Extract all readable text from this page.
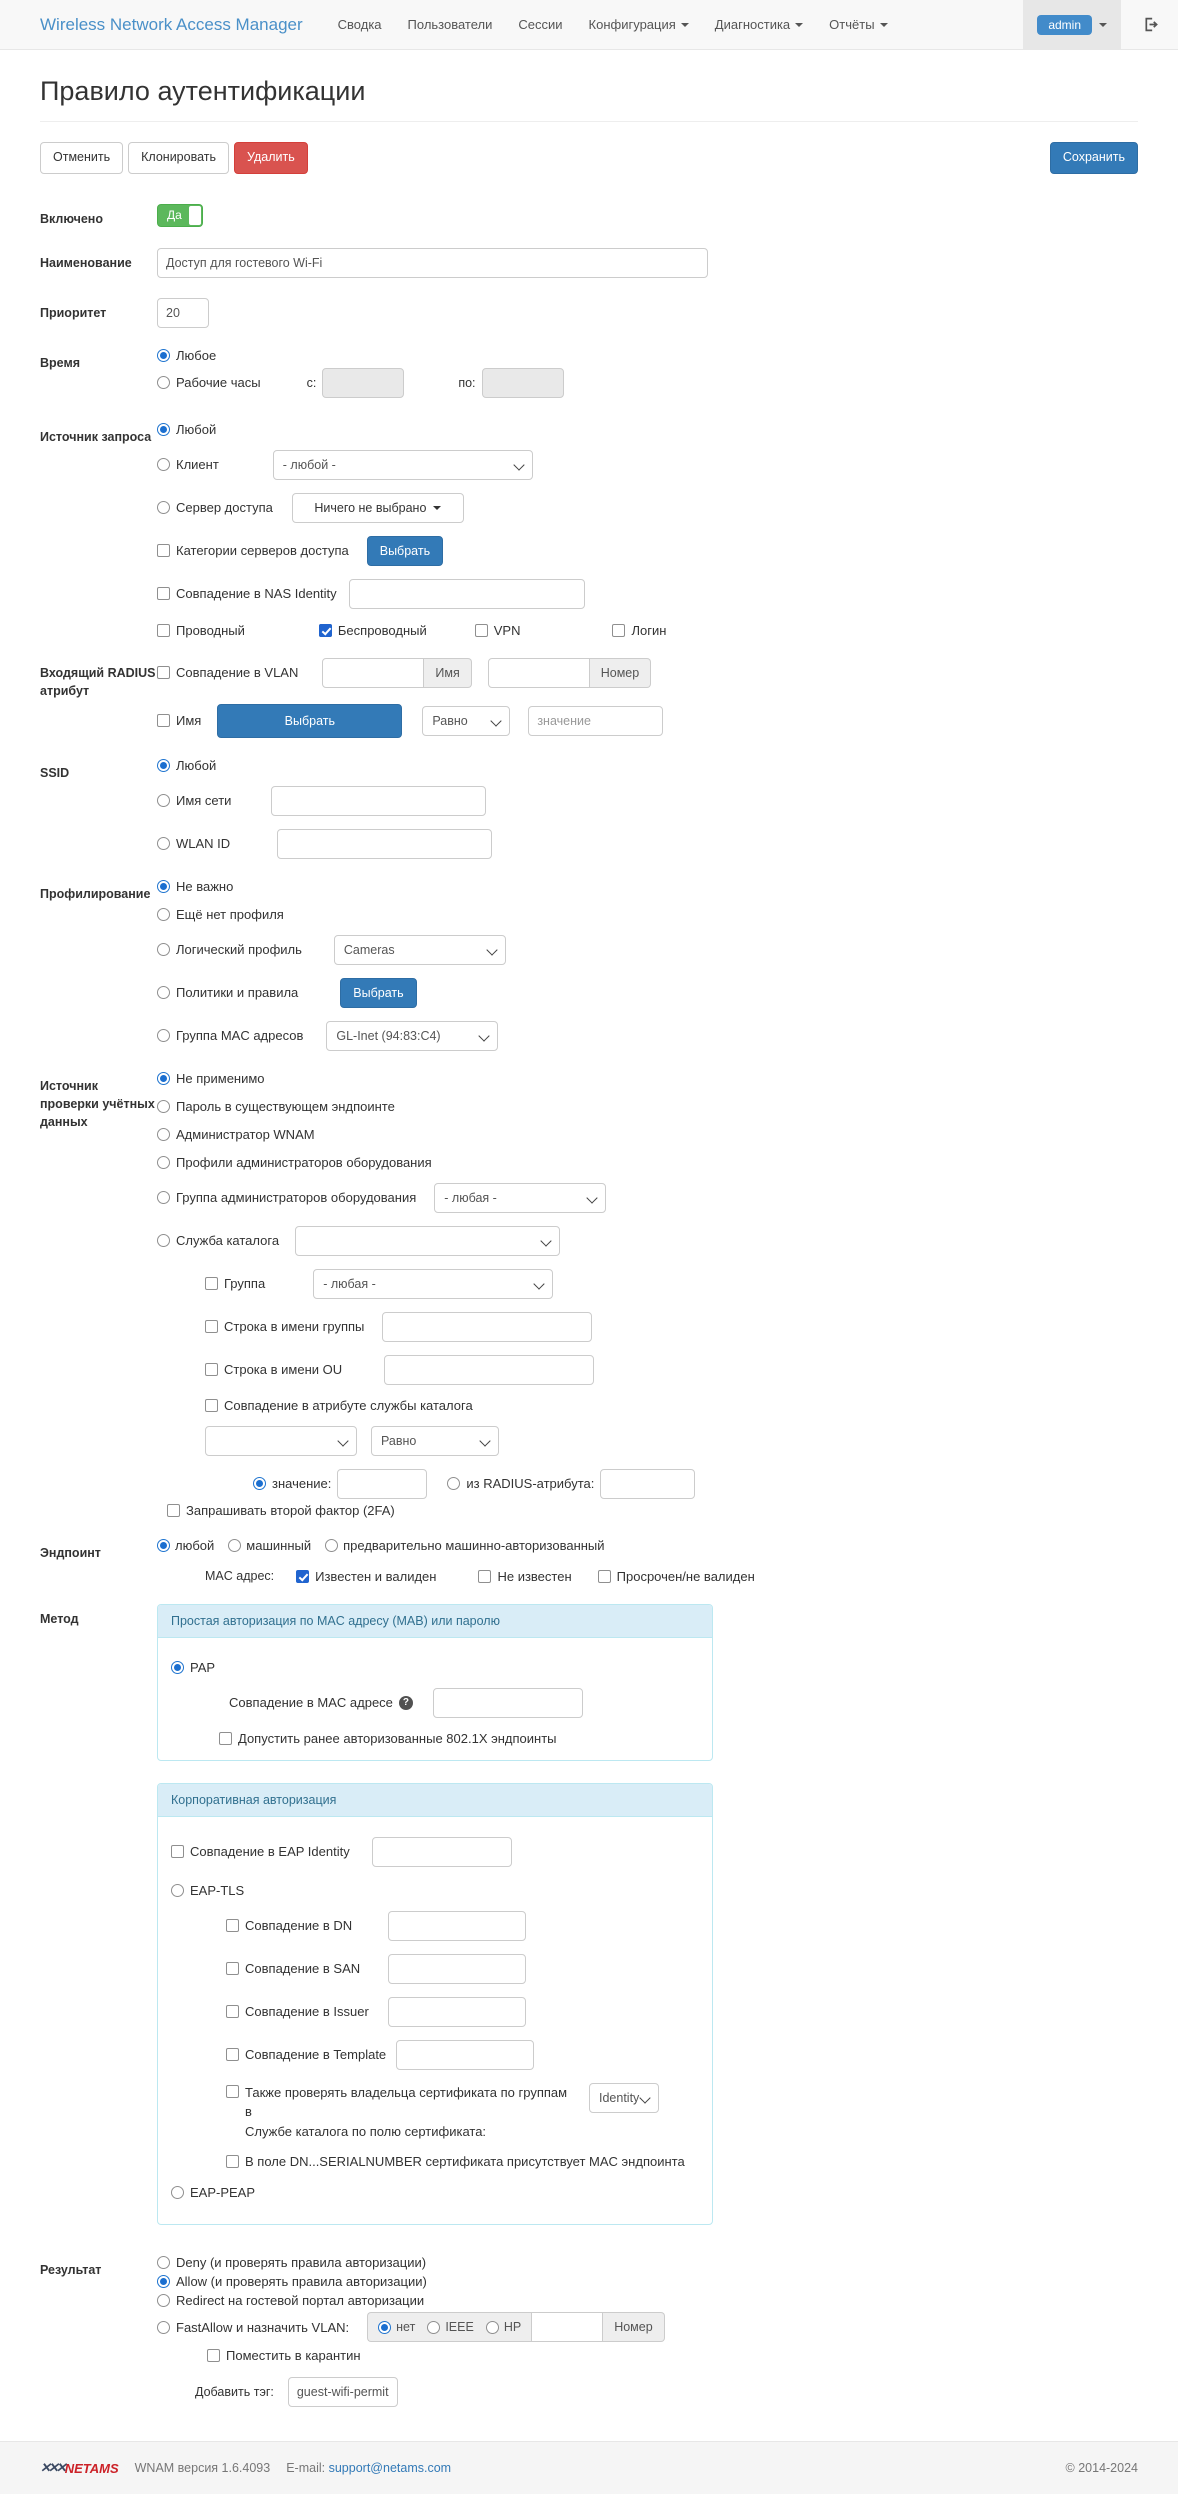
Wireless Network Access Manager	Сводка Пользователи Сессии Конфигурация	Диагностика	Отчёты	admin
Правило аутентификации
Отменить	Клонировать	Удалить	Сохранить
Включено	Да
Наименование
Доступ для гостевого Wi-Fi
Приоритет
20
Время	Любое
Рабочие часы	с:	по:
Источник запроса	Любой
Клиент	- любой -
Сервер доступа	Ничего не выбрано
Категории серверов доступа	Выбрать
Совпадение в NAS Identity
Проводный	Беспроводный	VPN	Логин
Входящий RADIUS атрибут
Совпадение в VLAN	Имя	Номер
Имя	Выбрать	Равно
значение
SSID	Любой
Имя сети
WLAN ID
Профилирование	Не важно
Ещё нет профиля
Логический профиль	Cameras
Политики и правила	Выбрать
Группа MAC адресов	GL-Inet (94:83:C4)
Источник проверки учётных данных
Не применимо
Пароль в существующем эндпоинте
Администратор WNAM
Профили администраторов оборудования
Группа администраторов оборудования - любая -
Служба каталога
Группа	- любая -
Строка в имени группы
Строка в имени OU
Совпадение в атрибуте службы каталога
Равно
значение:	из RADIUS-атрибута:
Запрашивать второй фактор (2FA)
Эндпоинт	любой машинный предварительно машинно-авторизованный
MAC адрес:	Известен и валиден	Не известен	Просрочен/не валиден
Метод	Простая авторизация по MAC адресу (MAB) или паролю
PAP
Совпадение в MAC адресе ?
Допустить ранее авторизованные 802.1X эндпоинты
Корпоративная авторизация
Совпадение в EAP Identity
EAP-TLS
Совпадение в DN
Совпадение в SAN
Совпадение в Issuer
Совпадение в Template
Также проверять владельца сертификата по группам в
Службе каталога по полю сертификата:
Identity
В поле DN...SERIALNUMBER сертификата присутствует MAC эндпоинта
EAP-PEAP
Результат	Deny (и проверять правила авторизации)
Allow (и проверять правила авторизации)
Redirect на гостевой портал авторизации
FastAllow и назначить VLAN:	нет IEEE HP	Номер
Поместить в карантин
Добавить тэг:
guest-wifi-permit
✕✕✕ NETAMS WNAM версия 1.6.4093 E-mail: support@netams.com	© 2014-2024
